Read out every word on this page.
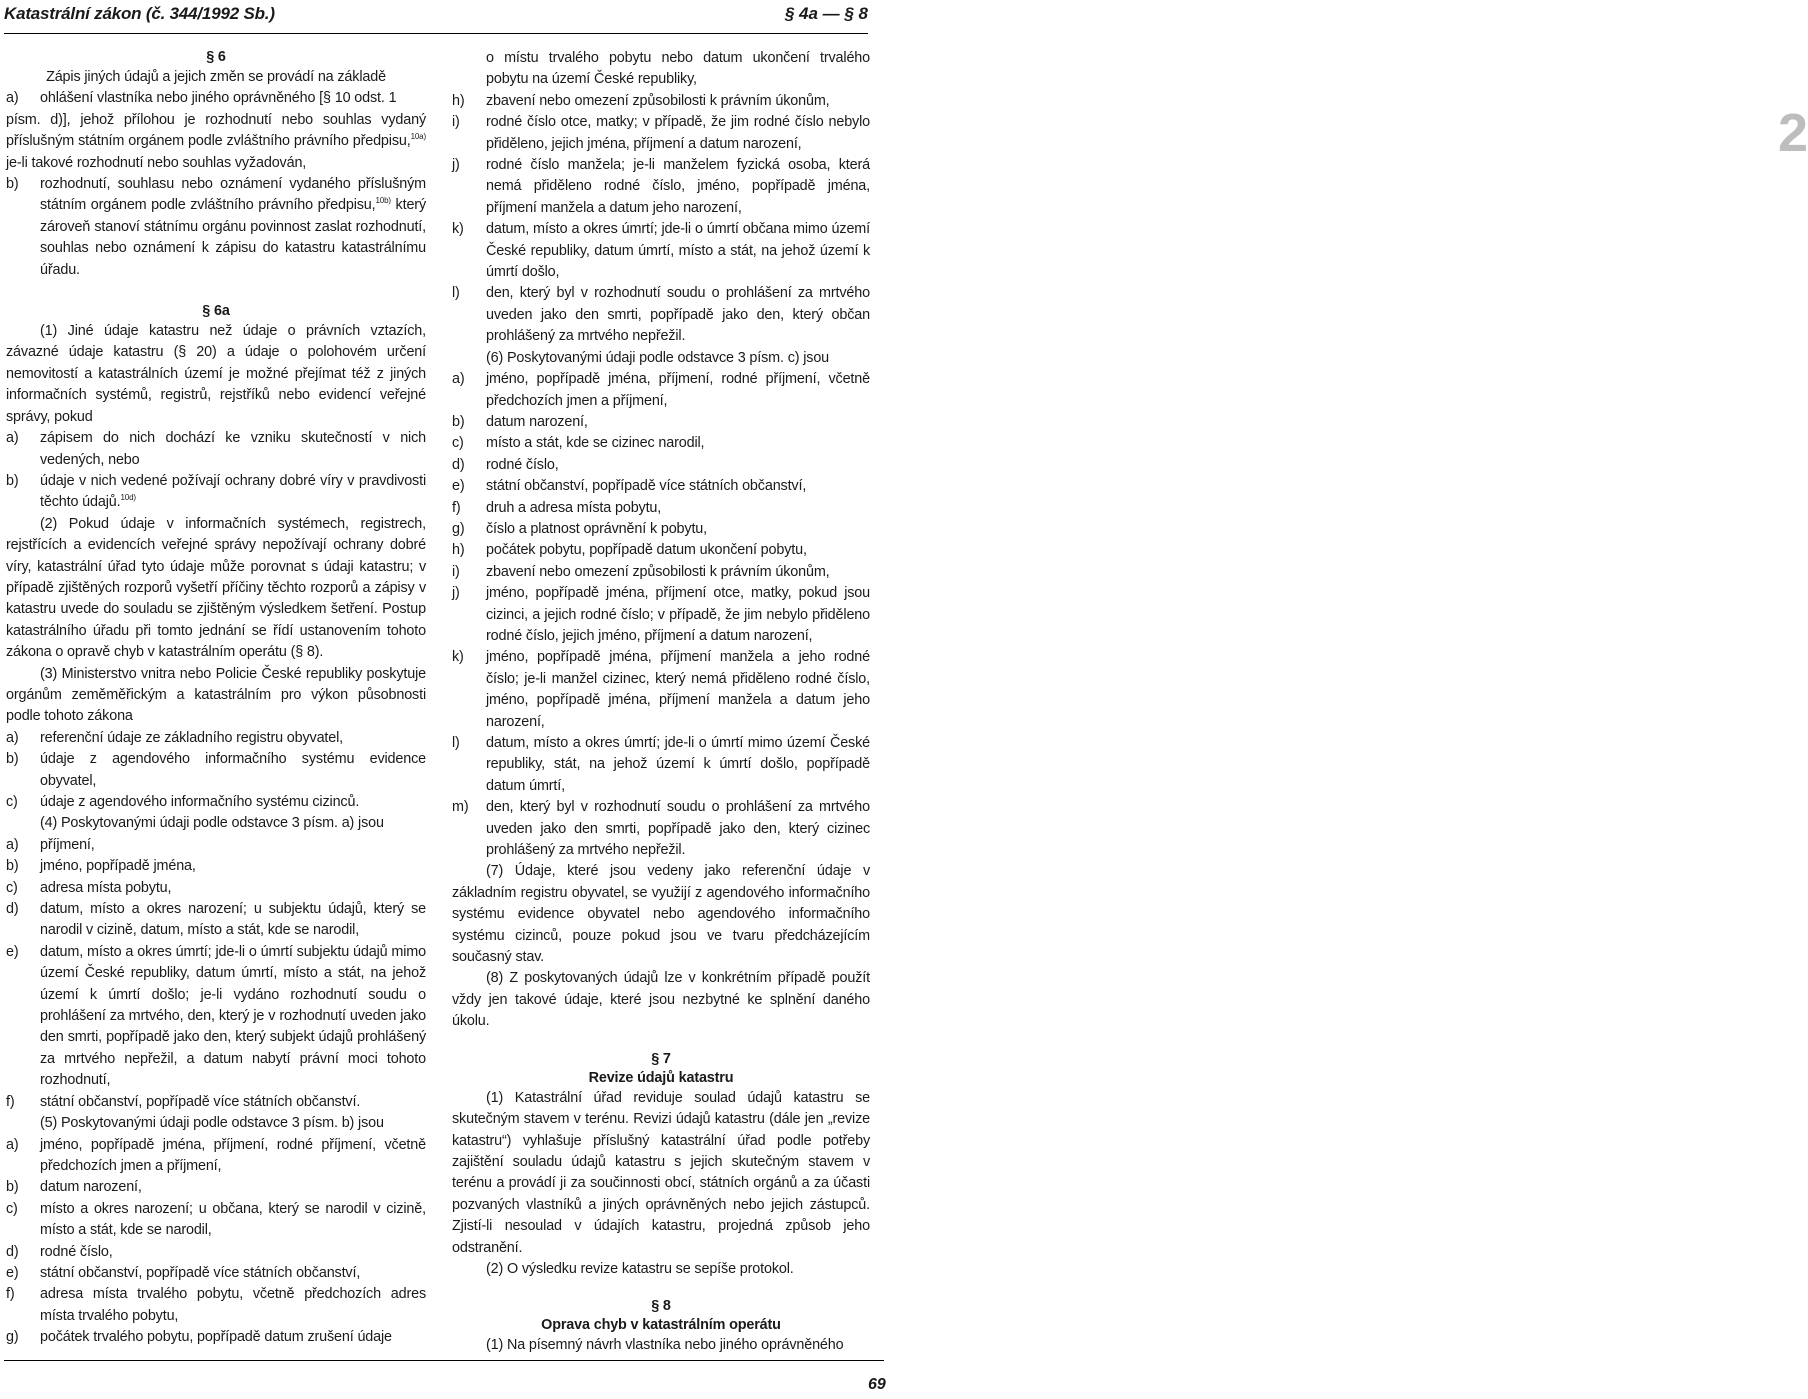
Katastrální zákon (č. 344/1992 Sb.)	§ 4a — § 8
2
§ 6

Zápis jiných údajů a jejich změn se provádí na základě

a)	ohlášení vlastníka nebo jiného oprávněného [§ 10 odst. 1

písm. d)], jehož přílohou je rozhodnutí nebo souhlas vydaný příslušným státním orgánem podle zvláštního právního předpisu,$^{10a)}$ je-li takové rozhodnutí nebo souhlas vyžadován,

b)	rozhodnutí, souhlasu nebo oznámení vydaného příslušným státním orgánem podle zvláštního právního předpisu,$^{10b)}$ který zároveň stanoví státnímu orgánu povinnost zaslat rozhodnutí, souhlas nebo oznámení k zápisu do katastru katastrálnímu úřadu.
§ 6a

(1) Jiné údaje katastru než údaje o právních vztazích, závazné údaje katastru (§ 20) a údaje o polohovém určení nemovitostí a katastrálních území je možné přejímat též z jiných informačních systémů, registrů, rejstříků nebo evidencí veřejné správy, pokud

a)	zápisem do nich dochází ke vzniku skutečností v nich vedených, nebo
b)	údaje v nich vedené požívají ochrany dobré víry v pravdivosti těchto údajů.$^{10d)}$

(2) Pokud údaje v informačních systémech, registrech, rejstřících a evidencích veřejné správy nepožívají ochrany dobré víry, katastrální úřad tyto údaje může porovnat s údaji katastru; v případě zjištěných rozporů vyšetří příčiny těchto rozporů a zápisy v katastru uvede do souladu se zjištěným výsledkem šetření. Postup katastrálního úřadu při tomto jednání se řídí ustanovením tohoto zákona o opravě chyb v katastrálním operátu (§ 8).

(3) Ministerstvo vnitra nebo Policie České republiky poskytuje orgánům zeměměřickým a katastrálním pro výkon působnosti podle tohoto zákona

a)	referenční údaje ze základního registru obyvatel,
b)	údaje z agendového informačního systému evidence obyvatel,
c)	údaje z agendového informačního systému cizinců.

(4) Poskytovanými údaji podle odstavce 3 písm. a) jsou

a)	příjmení,
b)	jméno, popřípadě jména,
c)	adresa místa pobytu,
d)	datum, místo a okres narození; u subjektu údajů, který se narodil v cizině, datum, místo a stát, kde se narodil,
e)	datum, místo a okres úmrtí; jde-li o úmrtí subjektu údajů mimo území České republiky, datum úmrtí, místo a stát, na jehož území k úmrtí došlo; je-li vydáno rozhodnutí soudu o prohlášení za mrtvého, den, který je v rozhodnutí uveden jako den smrti, popřípadě jako den, který subjekt údajů prohlášený za mrtvého nepřežil, a datum nabytí právní moci tohoto rozhodnutí,
f)	státní občanství, popřípadě více státních občanství.

(5) Poskytovanými údaji podle odstavce 3 písm. b) jsou

a)	jméno, popřípadě jména, příjmení, rodné příjmení, včetně předchozích jmen a příjmení,
b)	datum narození,
c)	místo a okres narození; u občana, který se narodil v cizině, místo a stát, kde se narodil,
d)	rodné číslo,
e)	státní občanství, popřípadě více státních občanství,
f)	adresa místa trvalého pobytu, včetně předchozích adres místa trvalého pobytu,
g)	počátek trvalého pobytu, popřípadě datum zrušení údaje
o místu trvalého pobytu nebo datum ukončení trvalého pobytu na území České republiky,
h)	zbavení nebo omezení způsobilosti k právním úkonům,
i)	rodné číslo otce, matky; v případě, že jim rodné číslo nebylo přiděleno, jejich jména, příjmení a datum narození,
j)	rodné číslo manžela; je-li manželem fyzická osoba, která nemá přiděleno rodné číslo, jméno, popřípadě jména, příjmení manžela a datum jeho narození,
k)	datum, místo a okres úmrtí; jde-li o úmrtí občana mimo území České republiky, datum úmrtí, místo a stát, na jehož území k úmrtí došlo,
l)	den, který byl v rozhodnutí soudu o prohlášení za mrtvého uveden jako den smrti, popřípadě jako den, který občan prohlášený za mrtvého nepřežil.

(6) Poskytovanými údaji podle odstavce 3 písm. c) jsou

a)	jméno, popřípadě jména, příjmení, rodné příjmení, včetně předchozích jmen a příjmení,
b)	datum narození,
c)	místo a stát, kde se cizinec narodil,
d)	rodné číslo,
e)	státní občanství, popřípadě více státních občanství,
f)	druh a adresa místa pobytu,
g)	číslo a platnost oprávnění k pobytu,
h)	počátek pobytu, popřípadě datum ukončení pobytu,
i)	zbavení nebo omezení způsobilosti k právním úkonům,
j)	jméno, popřípadě jména, příjmení otce, matky, pokud jsou cizinci, a jejich rodné číslo; v případě, že jim nebylo přiděleno rodné číslo, jejich jméno, příjmení a datum narození,
k)	jméno, popřípadě jména, příjmení manžela a jeho rodné číslo; je-li manžel cizinec, který nemá přiděleno rodné číslo, jméno, popřípadě jména, příjmení manžela a datum jeho narození,
l)	datum, místo a okres úmrtí; jde-li o úmrtí mimo území České republiky, stát, na jehož území k úmrtí došlo, popřípadě datum úmrtí,
m)	den, který byl v rozhodnutí soudu o prohlášení za mrtvého uveden jako den smrti, popřípadě jako den, který cizinec prohlášený za mrtvého nepřežil.

(7) Údaje, které jsou vedeny jako referenční údaje v základním registru obyvatel, se využijí z agendového informačního systému evidence obyvatel nebo agendového informačního systému cizinců, pouze pokud jsou ve tvaru předcházejícím současný stav.

(8) Z poskytovaných údajů lze v konkrétním případě použít vždy jen takové údaje, které jsou nezbytné ke splnění daného úkolu.

§ 7
Revize údajů katastru

(1) Katastrální úřad reviduje soulad údajů katastru se skutečným stavem v terénu. Revizi údajů katastru (dále jen „revize katastru“) vyhlašuje příslušný katastrální úřad podle potřeby zajištění souladu údajů katastru s jejich skutečným stavem v terénu a provádí ji za součinnosti obcí, státních orgánů a za účasti pozvaných vlastníků a jiných oprávněných nebo jejich zástupců. Zjistí-li nesoulad v údajích katastru, projedná způsob jeho odstranění.

(2) O výsledku revize katastru se sepíše protokol.

§ 8
Oprava chyb v katastrálním operátu

(1) Na písemný návrh vlastníka nebo jiného oprávněného

69
